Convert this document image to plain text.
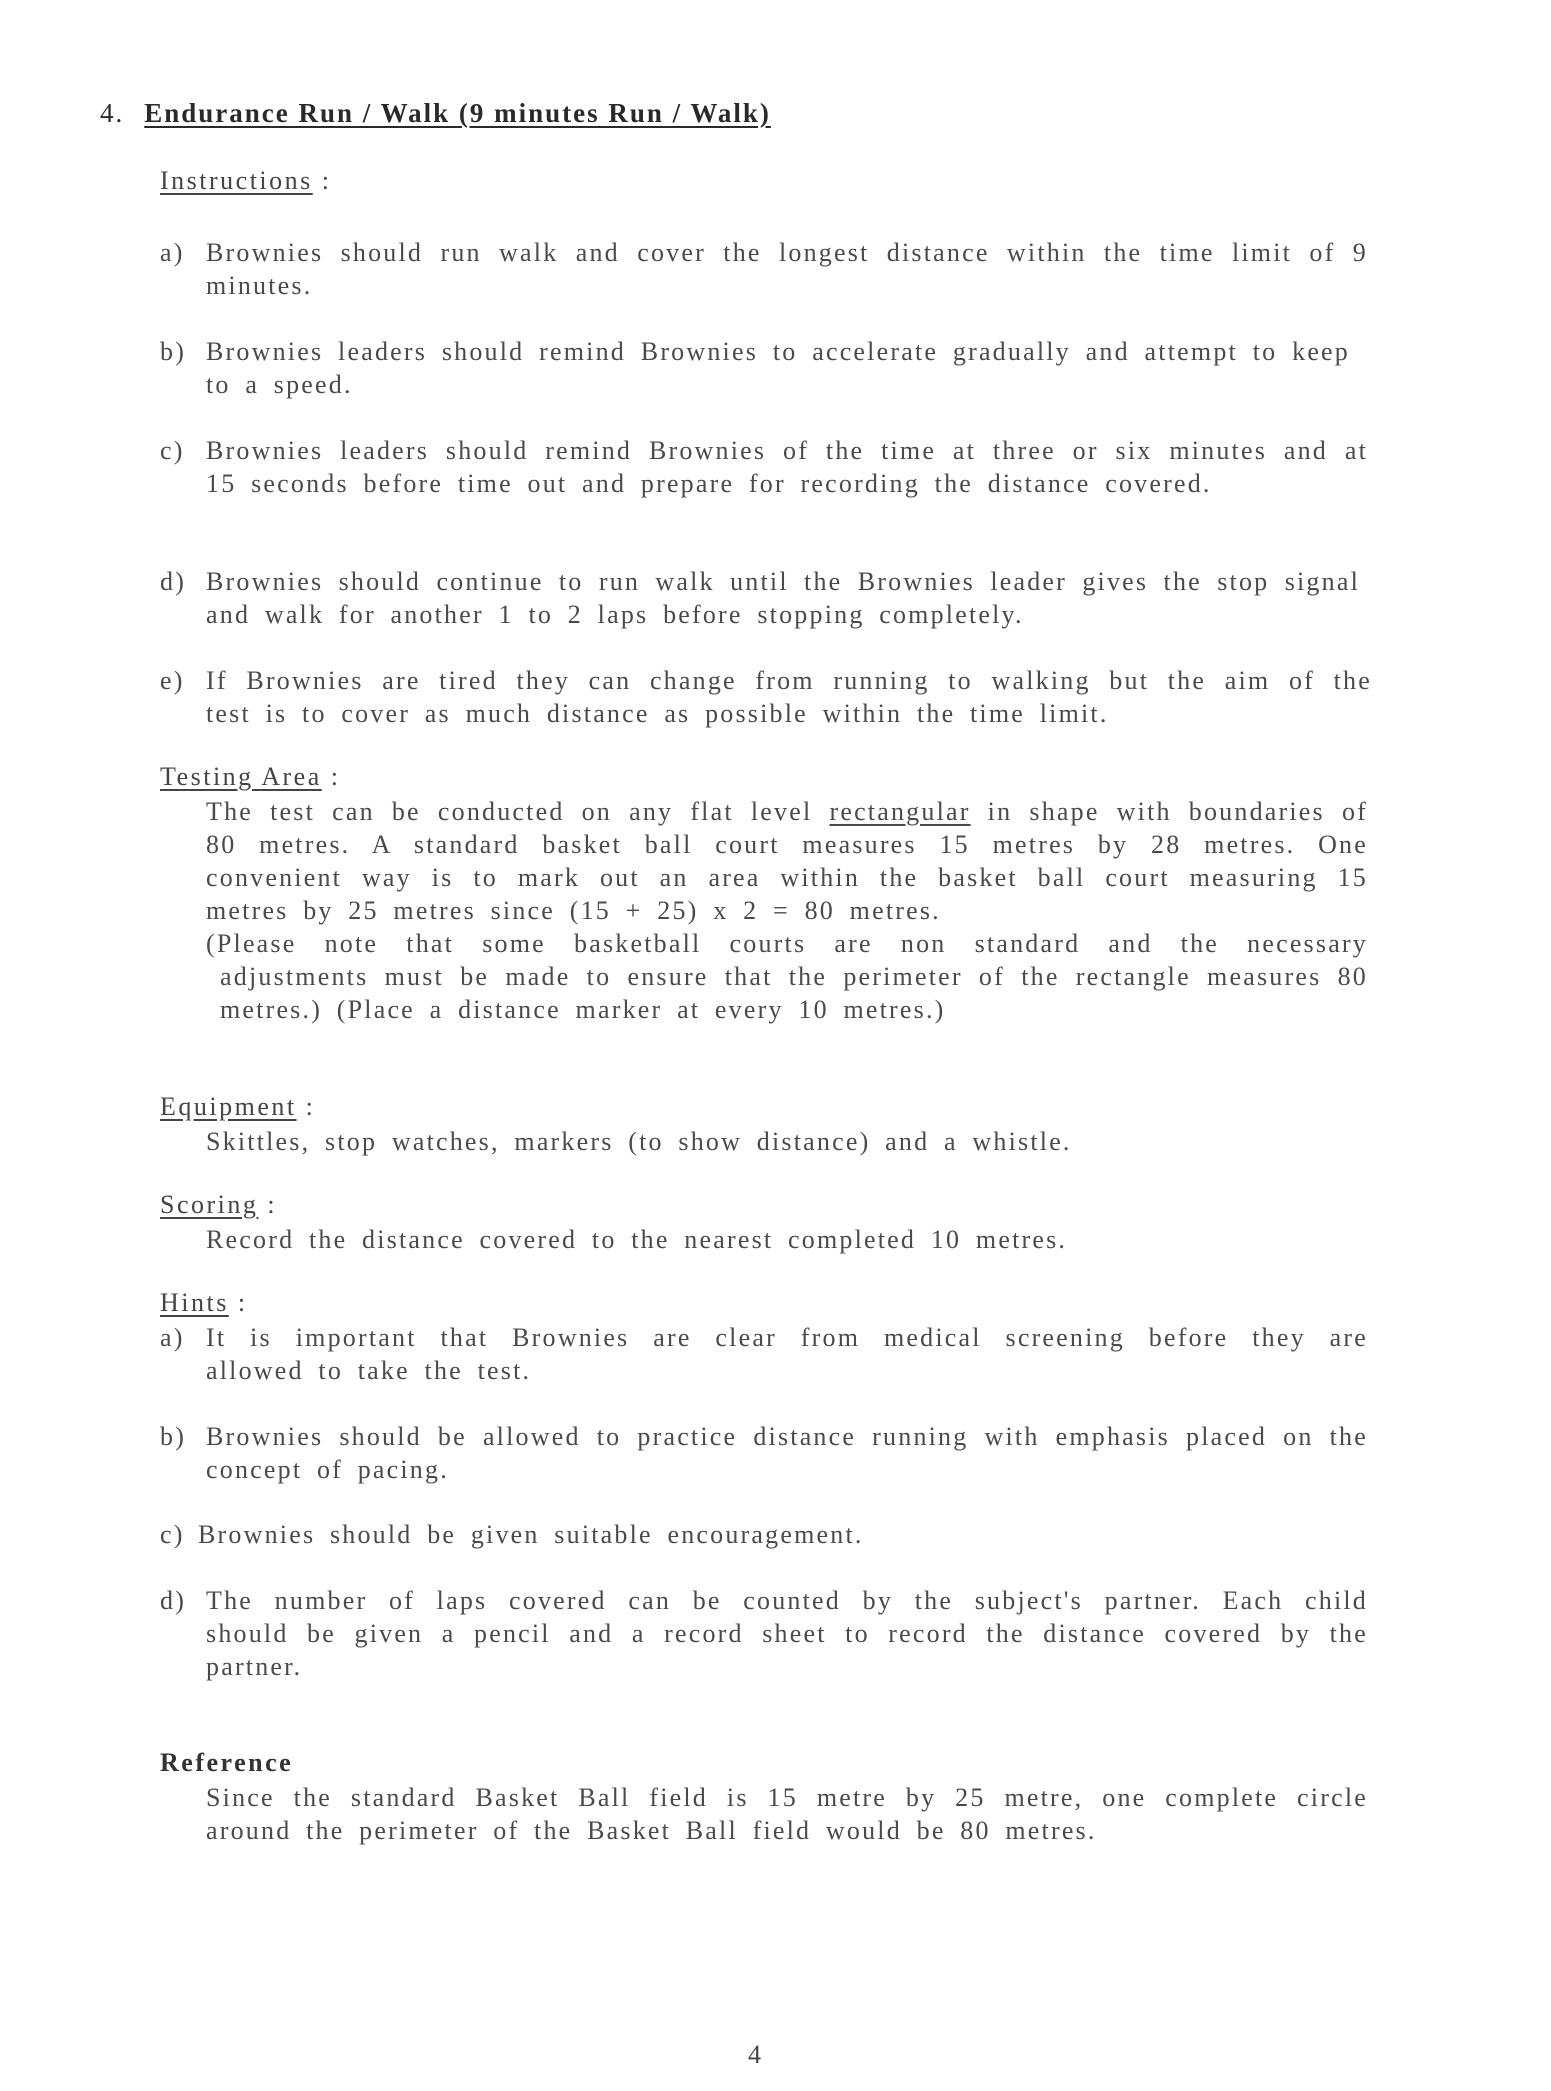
4. Endurance Run / Walk (9 minutes Run / Walk)
Instructions :
a) Brownies should run walk and cover the longest distance within the time limit of 9 minutes.
b) Brownies leaders should remind Brownies to accelerate gradually and attempt to keep to a speed.
c) Brownies leaders should remind Brownies of the time at three or six minutes and at 15 seconds before time out and prepare for recording the distance covered.
d) Brownies should continue to run walk until the Brownies leader gives the stop signal and walk for another 1 to 2 laps before stopping completely.
e) If Brownies are tired they can change from running to walking but the aim of the test is to cover as much distance as possible within the time limit.
Testing Area :
The test can be conducted on any flat level rectangular in shape with boundaries of 80 metres. A standard basket ball court measures 15 metres by 28 metres. One convenient way is to mark out an area within the basket ball court measuring 15 metres by 25 metres since (15 + 25) x 2 = 80 metres.
(Please note that some basketball courts are non standard and the necessary adjustments must be made to ensure that the perimeter of the rectangle measures 80 metres.) (Place a distance marker at every 10 metres.)
Equipment :
Skittles, stop watches, markers (to show distance) and a whistle.
Scoring :
Record the distance covered to the nearest completed 10 metres.
Hints :
a) It is important that Brownies are clear from medical screening before they are allowed to take the test.
b) Brownies should be allowed to practice distance running with emphasis placed on the concept of pacing.
c) Brownies should be given suitable encouragement.
d) The number of laps covered can be counted by the subject's partner. Each child should be given a pencil and a record sheet to record the distance covered by the partner.
Reference
Since the standard Basket Ball field is 15 metre by 25 metre, one complete circle around the perimeter of the Basket Ball field would be 80 metres.
4
